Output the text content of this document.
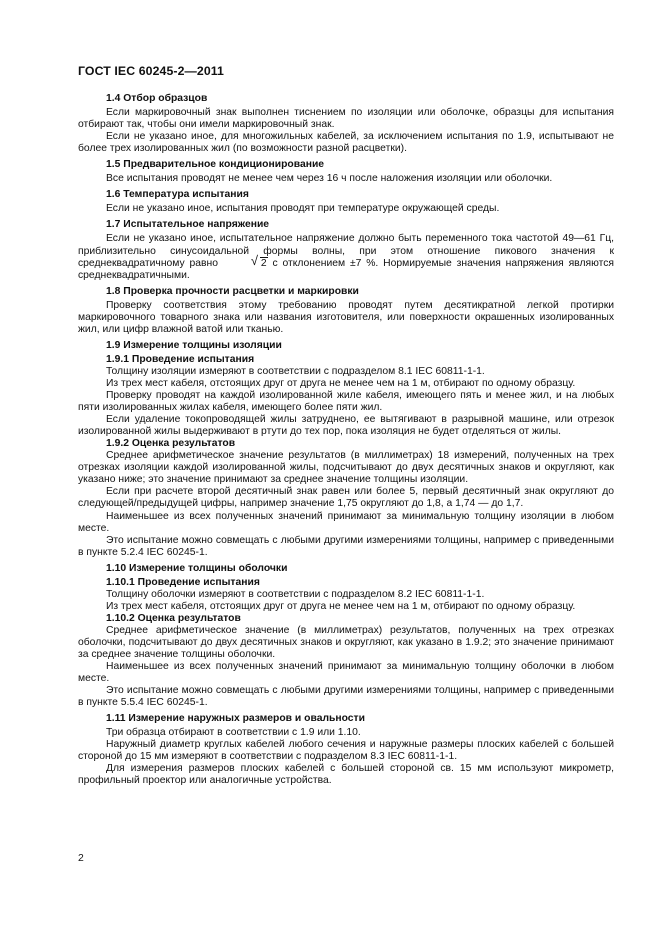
ГОСТ IEC 60245-2—2011
1.4 Отбор образцов

Если маркировочный знак выполнен тиснением по изоляции или оболочке, образцы для испытания отбирают так, чтобы они имели маркировочный знак.

Если не указано иное, для многожильных кабелей, за исключением испытания по 1.9, испытывают не более трех изолированных жил (по возможности разной расцветки).

1.5 Предварительное кондиционирование

Все испытания проводят не менее чем через 16 ч после наложения изоляции или оболочки.

1.6 Температура испытания

Если не указано иное, испытания проводят при температуре окружающей среды.

1.7 Испытательное напряжение

Если не указано иное, испытательное напряжение должно быть переменного тока частотой 49—61 Гц, приблизительно синусоидальной формы волны, при этом отношение пикового значения к среднеквадратичному равно	√ 2 с отклонением ±7 %. Нормируемые значения напряжения являются среднеквадратичными.

1.8 Проверка прочности расцветки и маркировки

Проверку соответствия этому требованию проводят путем десятикратной легкой протирки маркировочного товарного знака или названия изготовителя, или поверхности окрашенных изолированных жил, или цифр влажной ватой или тканью.

1.9 Измерение толщины изоляции
1.9.1 Проведение испытания

Толщину изоляции измеряют в соответствии с подразделом 8.1 IEC 60811-1-1.

Из трех мест кабеля, отстоящих друг от друга не менее чем на 1 м, отбирают по одному образцу.

Проверку проводят на каждой изолированной жиле кабеля, имеющего пять и менее жил, и на любых пяти изолированных жилах кабеля, имеющего более пяти жил.

Если удаление токопроводящей жилы затруднено, ее вытягивают в разрывной машине, или отрезок изолированной жилы выдерживают в ртути до тех пор, пока изоляция не будет отделяться от жилы.

1.9.2 Оценка результатов

Среднее арифметическое значение результатов (в миллиметрах) 18 измерений, полученных на трех отрезках изоляции каждой изолированной жилы, подсчитывают до двух десятичных знаков и округляют, как указано ниже; это значение принимают за среднее значение толщины изоляции.

Если при расчете второй десятичный знак равен или более 5, первый десятичный знак округляют до следующей/предыдущей цифры, например значение 1,75 округляют до 1,8, а 1,74 — до 1,7.

Наименьшее из всех полученных значений принимают за минимальную толщину изоляции в любом месте.

Это испытание можно совмещать с любыми другими измерениями толщины, например с приведенными в пункте 5.2.4 IEC 60245-1.

1.10 Измерение толщины оболочки
1.10.1 Проведение испытания

Толщину оболочки измеряют в соответствии с подразделом 8.2 IEC 60811-1-1.

Из трех мест кабеля, отстоящих друг от друга не менее чем на 1 м, отбирают по одному образцу.

1.10.2 Оценка результатов

Среднее арифметическое значение (в миллиметрах) результатов, полученных на трех отрезках оболочки, подсчитывают до двух десятичных знаков и округляют, как указано в 1.9.2; это значение принимают за среднее значение толщины оболочки.

Наименьшее из всех полученных значений принимают за минимальную толщину оболочки в любом месте.

Это испытание можно совмещать с любыми другими измерениями толщины, например с приведенными в пункте 5.5.4 IEC 60245-1.

1.11 Измерение наружных размеров и овальности

Три образца отбирают в соответствии с 1.9 или 1.10.

Наружный диаметр круглых кабелей любого сечения и наружные размеры плоских кабелей с большей стороной до 15 мм измеряют в соответствии с подразделом 8.3 IEC 60811-1-1.

Для измерения размеров плоских кабелей с большей стороной св. 15 мм используют микрометр, профильный проектор или аналогичные устройства.

2
